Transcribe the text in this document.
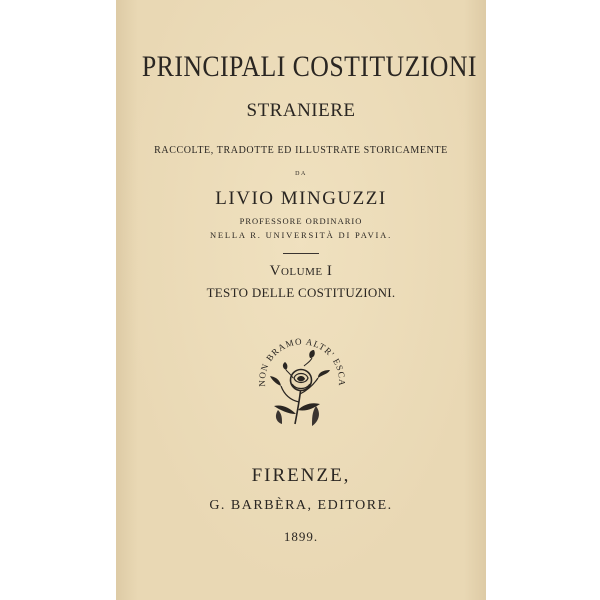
PRINCIPALI COSTITUZIONI
STRANIERE
RACCOLTE, TRADOTTE ED ILLUSTRATE STORICAMENTE
DA
LIVIO MINGUZZI
PROFESSORE ORDINARIO
NELLA R. UNIVERSITÀ DI PAVIA.
Volume I
TESTO DELLE COSTITUZIONI.
NON BRAMO ALTR' ESCA
FIRENZE,
G. BARBÈRA, EDITORE.
1899.
